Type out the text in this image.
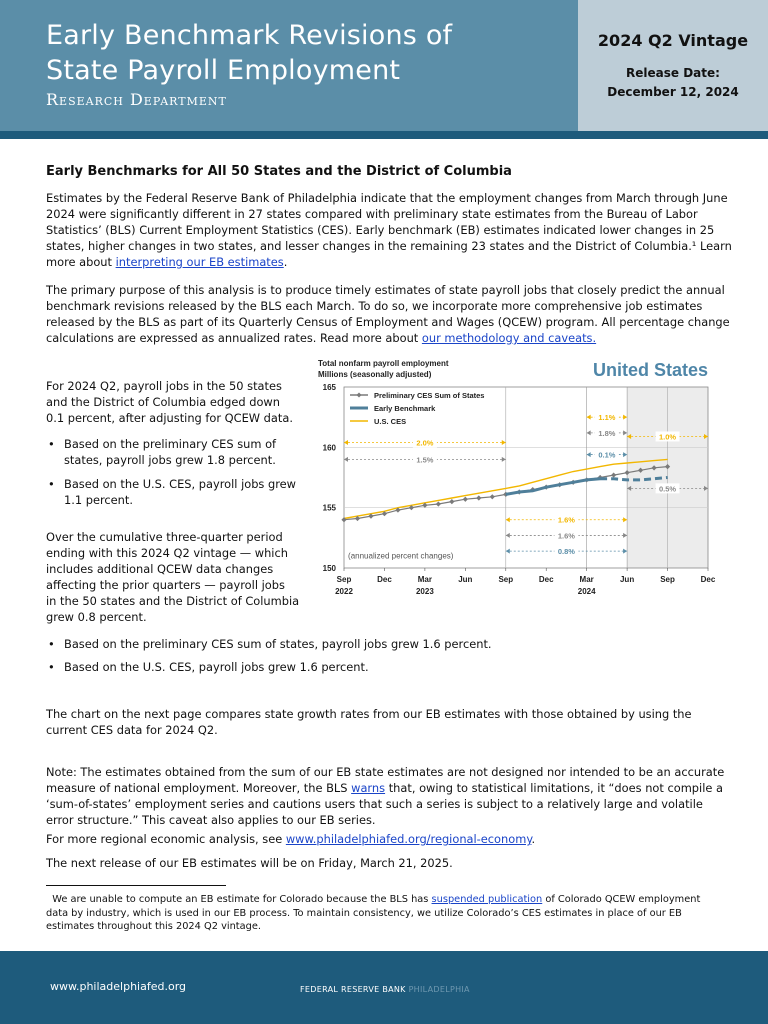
Early Benchmark Revisions of
State Payroll Employment
Research Department
2024 Q2 Vintage
Release Date:
December 12, 2024
Early Benchmarks for All 50 States and the District of Columbia
Estimates by the Federal Reserve Bank of Philadelphia indicate that the employment changes from March through June
2024 were significantly different in 27 states compared with preliminary state estimates from the Bureau of Labor
Statistics’ (BLS) Current Employment Statistics (CES). Early benchmark (EB) estimates indicated lower changes in 25
states, higher changes in two states, and lesser changes in the remaining 23 states and the District of Columbia.¹ Learn
more about interpreting our EB estimates.
The primary purpose of this analysis is to produce timely estimates of state payroll jobs that closely predict the annual
benchmark revisions released by the BLS each March. To do so, we incorporate more comprehensive job estimates
released by the BLS as part of its Quarterly Census of Employment and Wages (QCEW) program. All percentage change
calculations are expressed as annualized rates. Read more about our methodology and caveats.
For 2024 Q2, payroll jobs in the 50 states
and the District of Columbia edged down
0.1 percent, after adjusting for QCEW data.
• Based on the preliminary CES sum of
states, payroll jobs grew 1.8 percent.
• Based on the U.S. CES, payroll jobs grew
1.1 percent.
Over the cumulative three-quarter period
ending with this 2024 Q2 vintage — which
includes additional QCEW data changes
affecting the prior quarters — payroll jobs
in the 50 states and the District of Columbia
grew 0.8 percent.
• Based on the preliminary CES sum of states, payroll jobs grew 1.6 percent.
• Based on the U.S. CES, payroll jobs grew 1.6 percent.
The chart on the next page compares state growth rates from our EB estimates with those obtained by using the
current CES data for 2024 Q2.
Note: The estimates obtained from the sum of our EB state estimates are not designed nor intended to be an accurate
measure of national employment. Moreover, the BLS warns that, owing to statistical limitations, it “does not compile a
‘sum-of-states’ employment series and cautions users that such a series is subject to a relatively large and volatile
error structure.” This caveat also applies to our EB series.
For more regional economic analysis, see www.philadelphiafed.org/regional-economy.
The next release of our EB estimates will be on Friday, March 21, 2025.
We are unable to compute an EB estimate for Colorado because the BLS has suspended publication of Colorado QCEW employment
data by industry, which is used in our EB process. To maintain consistency, we utilize Colorado’s CES estimates in place of our EB
estimates throughout this 2024 Q2 vintage.
United States
Total nonfarm payroll employment
Millions (seasonally adjusted)
150
155
160
165
Sep	Dec	Mar	Jun	Sep	Dec	Mar	Jun	Sep	Dec
2022	2023	2024
Preliminary CES Sum of States
Early Benchmark
U.S. CES
2.0%
1.5%
1.1%
1.8%	1.0%
0.1%
0.5%
1.6%
1.6%
0.8%
(annualized percent changes)
www.philadelphiafed.org	FEDERAL RESERVE BANK PHILADELPHIA
